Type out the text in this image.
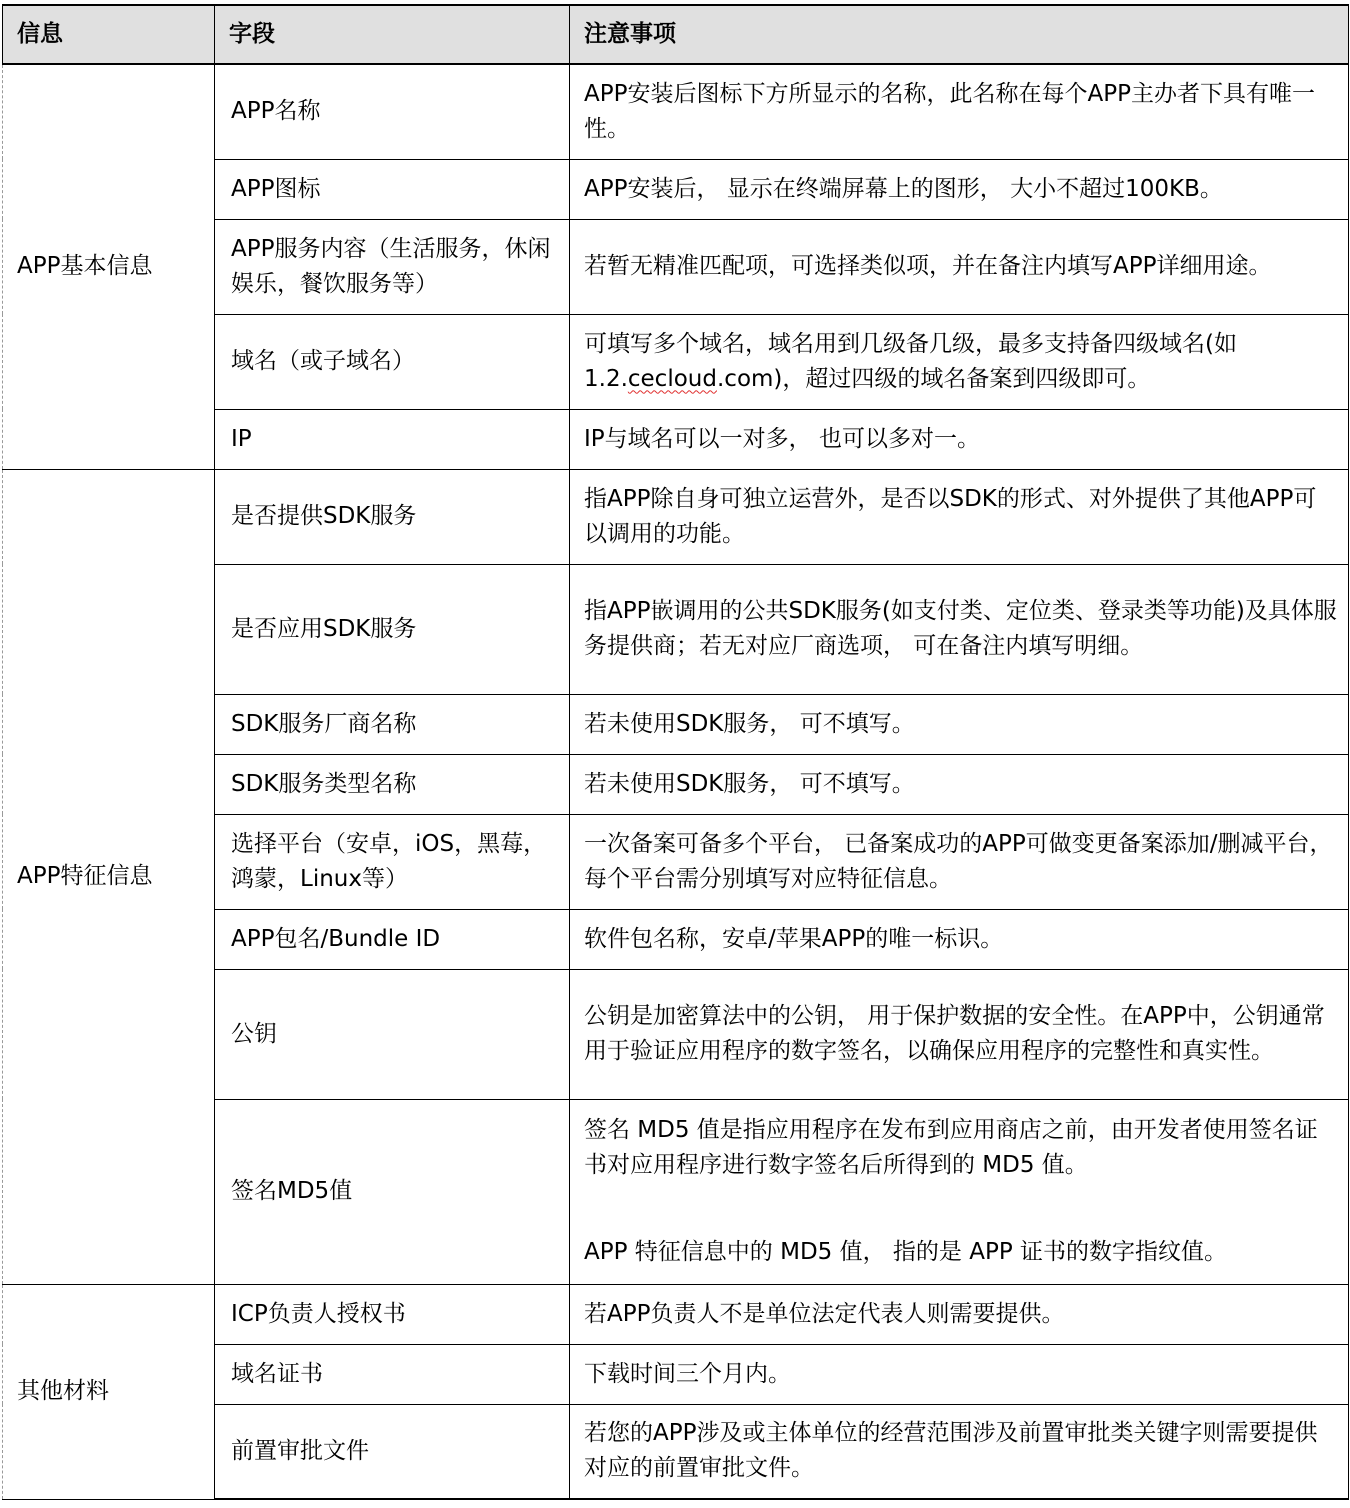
信息	字段	注意事项
APP基本信息	APP名称	APP安装后图标下方所显示的名称，此名称在每个APP主办者下具有唯一性。
	APP图标	APP安装后， 显示在终端屏幕上的图形， 大小不超过100KB。
	APP服务内容（生活服务，休闲娱乐，餐饮服务等）	若暂无精准匹配项，可选择类似项，并在备注内填写APP详细用途。
	域名（或子域名）	可填写多个域名，域名用到几级备几级，最多支持备四级域名(如1.2.cecloud.com)，超过四级的域名备案到四级即可。
	IP	IP与域名可以一对多， 也可以多对一。
APP特征信息	是否提供SDK服务	指APP除自身可独立运营外，是否以SDK的形式、对外提供了其他APP可以调用的功能。
	是否应用SDK服务	指APP嵌调用的公共SDK服务(如支付类、定位类、登录类等功能)及具体服务提供商；若无对应厂商选项， 可在备注内填写明细。
	SDK服务厂商名称	若未使用SDK服务， 可不填写。
	SDK服务类型名称	若未使用SDK服务， 可不填写。
	选择平台（安卓，iOS，黑莓，鸿蒙，Linux等）	一次备案可备多个平台， 已备案成功的APP可做变更备案添加/删减平台，每个平台需分别填写对应特征信息。
	APP包名/Bundle ID	软件包名称，安卓/苹果APP的唯一标识。
	公钥	公钥是加密算法中的公钥， 用于保护数据的安全性。在APP中，公钥通常用于验证应用程序的数字签名，以确保应用程序的完整性和真实性。
	签名MD5值	签名 MD5 值是指应用程序在发布到应用商店之前，由开发者使用签名证书对应用程序进行数字签名后所得到的 MD5 值。
APP 特征信息中的 MD5 值， 指的是 APP 证书的数字指纹值。

其他材料	ICP负责人授权书	若APP负责人不是单位法定代表人则需要提供。
	域名证书	下载时间三个月内。
	前置审批文件	若您的APP涉及或主体单位的经营范围涉及前置审批类关键字则需要提供对应的前置审批文件。
